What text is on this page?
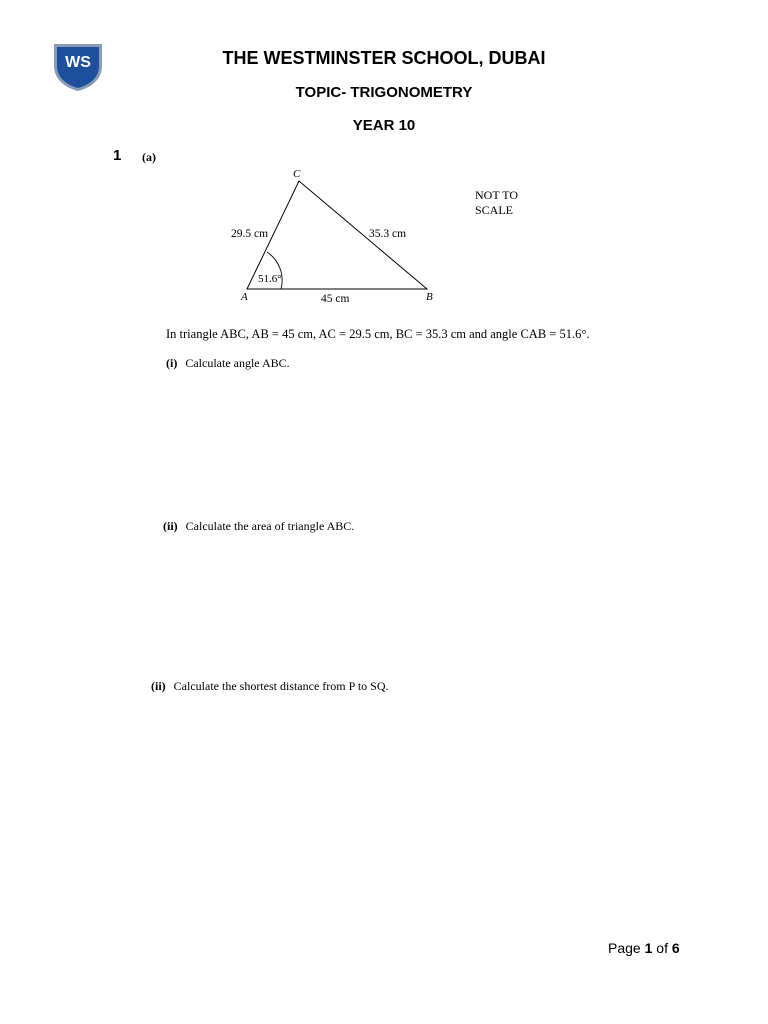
WS	THE WESTMINSTER SCHOOL, DUBAI
TOPIC- TRIGONOMETRY
YEAR 10
1 (a)
C
A	B
29.5 cm	35.3 cm
45 cm
51.6°
NOT TO
SCALE
In triangle ABC, AB = 45 cm, AC = 29.5 cm, BC = 35.3 cm and angle CAB = 51.6°.
(i) Calculate angle ABC.
(ii) Calculate the area of triangle ABC.
(ii) Calculate the shortest distance from P to SQ.
Page 1 of 6
